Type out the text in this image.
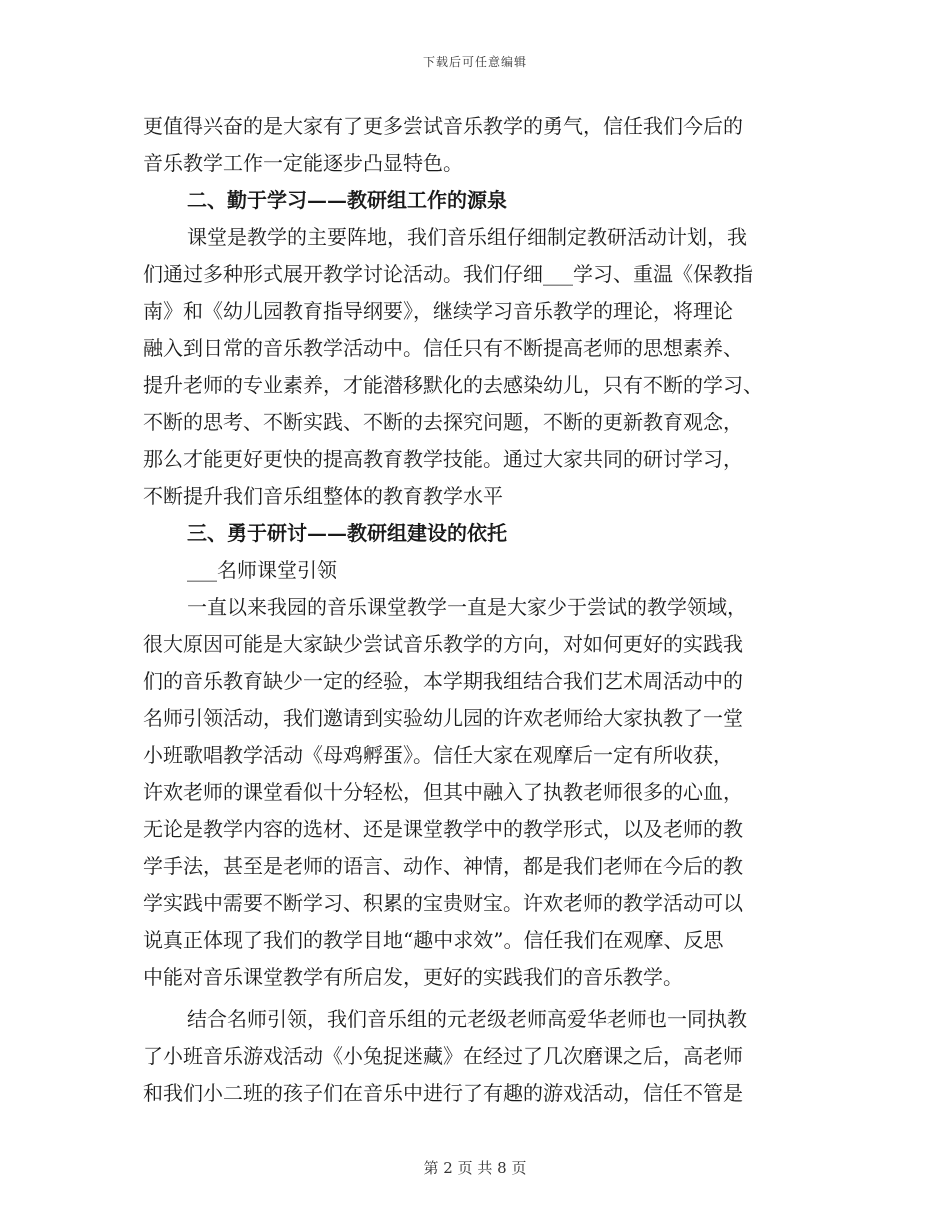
下载后可任意编辑
更值得兴奋的是大家有了更多尝试音乐教学的勇气，信任我们今后的
音乐教学工作一定能逐步凸显特色。
二、勤于学习——教研组工作的源泉
课堂是教学的主要阵地，我们音乐组仔细制定教研活动计划，我
们通过多种形式展开教学讨论活动。我们仔细___学习、重温《保教指
南》和《幼儿园教育指导纲要》，继续学习音乐教学的理论，将理论
融入到日常的音乐教学活动中。信任只有不断提高老师的思想素养、
提升老师的专业素养，才能潜移默化的去感染幼儿，只有不断的学习、
不断的思考、不断实践、不断的去探究问题，不断的更新教育观念，
那么才能更好更快的提高教育教学技能。通过大家共同的研讨学习，
不断提升我们音乐组整体的教育教学水平
三、勇于研讨——教研组建设的依托
___名师课堂引领
一直以来我园的音乐课堂教学一直是大家少于尝试的教学领域，
很大原因可能是大家缺少尝试音乐教学的方向，对如何更好的实践我
们的音乐教育缺少一定的经验，本学期我组结合我们艺术周活动中的
名师引领活动，我们邀请到实验幼儿园的许欢老师给大家执教了一堂
小班歌唱教学活动《母鸡孵蛋》。信任大家在观摩后一定有所收获，
许欢老师的课堂看似十分轻松，但其中融入了执教老师很多的心血，
无论是教学内容的选材、还是课堂教学中的教学形式，以及老师的教
学手法，甚至是老师的语言、动作、神情，都是我们老师在今后的教
学实践中需要不断学习、积累的宝贵财宝。许欢老师的教学活动可以
说真正体现了我们的教学目地“趣中求效”。信任我们在观摩、反思
中能对音乐课堂教学有所启发，更好的实践我们的音乐教学。
结合名师引领，我们音乐组的元老级老师高爱华老师也一同执教
了小班音乐游戏活动《小兔捉迷藏》在经过了几次磨课之后，高老师
和我们小二班的孩子们在音乐中进行了有趣的游戏活动，信任不管是
第 2 页 共 8 页
